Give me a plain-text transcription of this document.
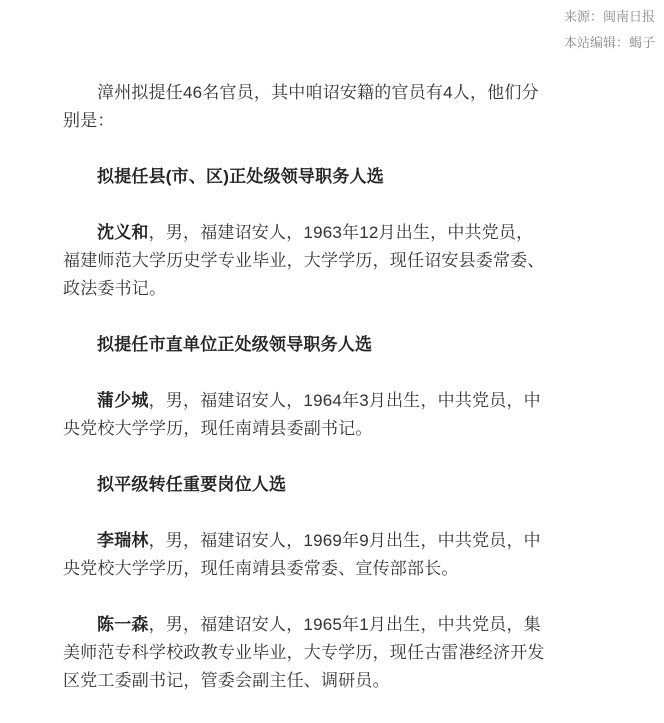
来源：闽南日报
本站编辑：蝎子

漳州拟提任46名官员，其中咱诏安籍的官员有4人，他们分别是：

拟提任县(市、区)正处级领导职务人选

沈义和，男，福建诏安人，1963年12月出生，中共党员，福建师范大学历史学专业毕业，大学学历，现任诏安县委常委、政法委书记。

拟提任市直单位正处级领导职务人选

蒲少城，男，福建诏安人，1964年3月出生，中共党员，中央党校大学学历，现任南靖县委副书记。

拟平级转任重要岗位人选

李瑞林，男，福建诏安人，1969年9月出生，中共党员，中央党校大学学历，现任南靖县委常委、宣传部部长。

陈一森，男，福建诏安人，1965年1月出生，中共党员，集美师范专科学校政教专业毕业，大专学历，现任古雷港经济开发区党工委副书记，管委会副主任、调研员。
